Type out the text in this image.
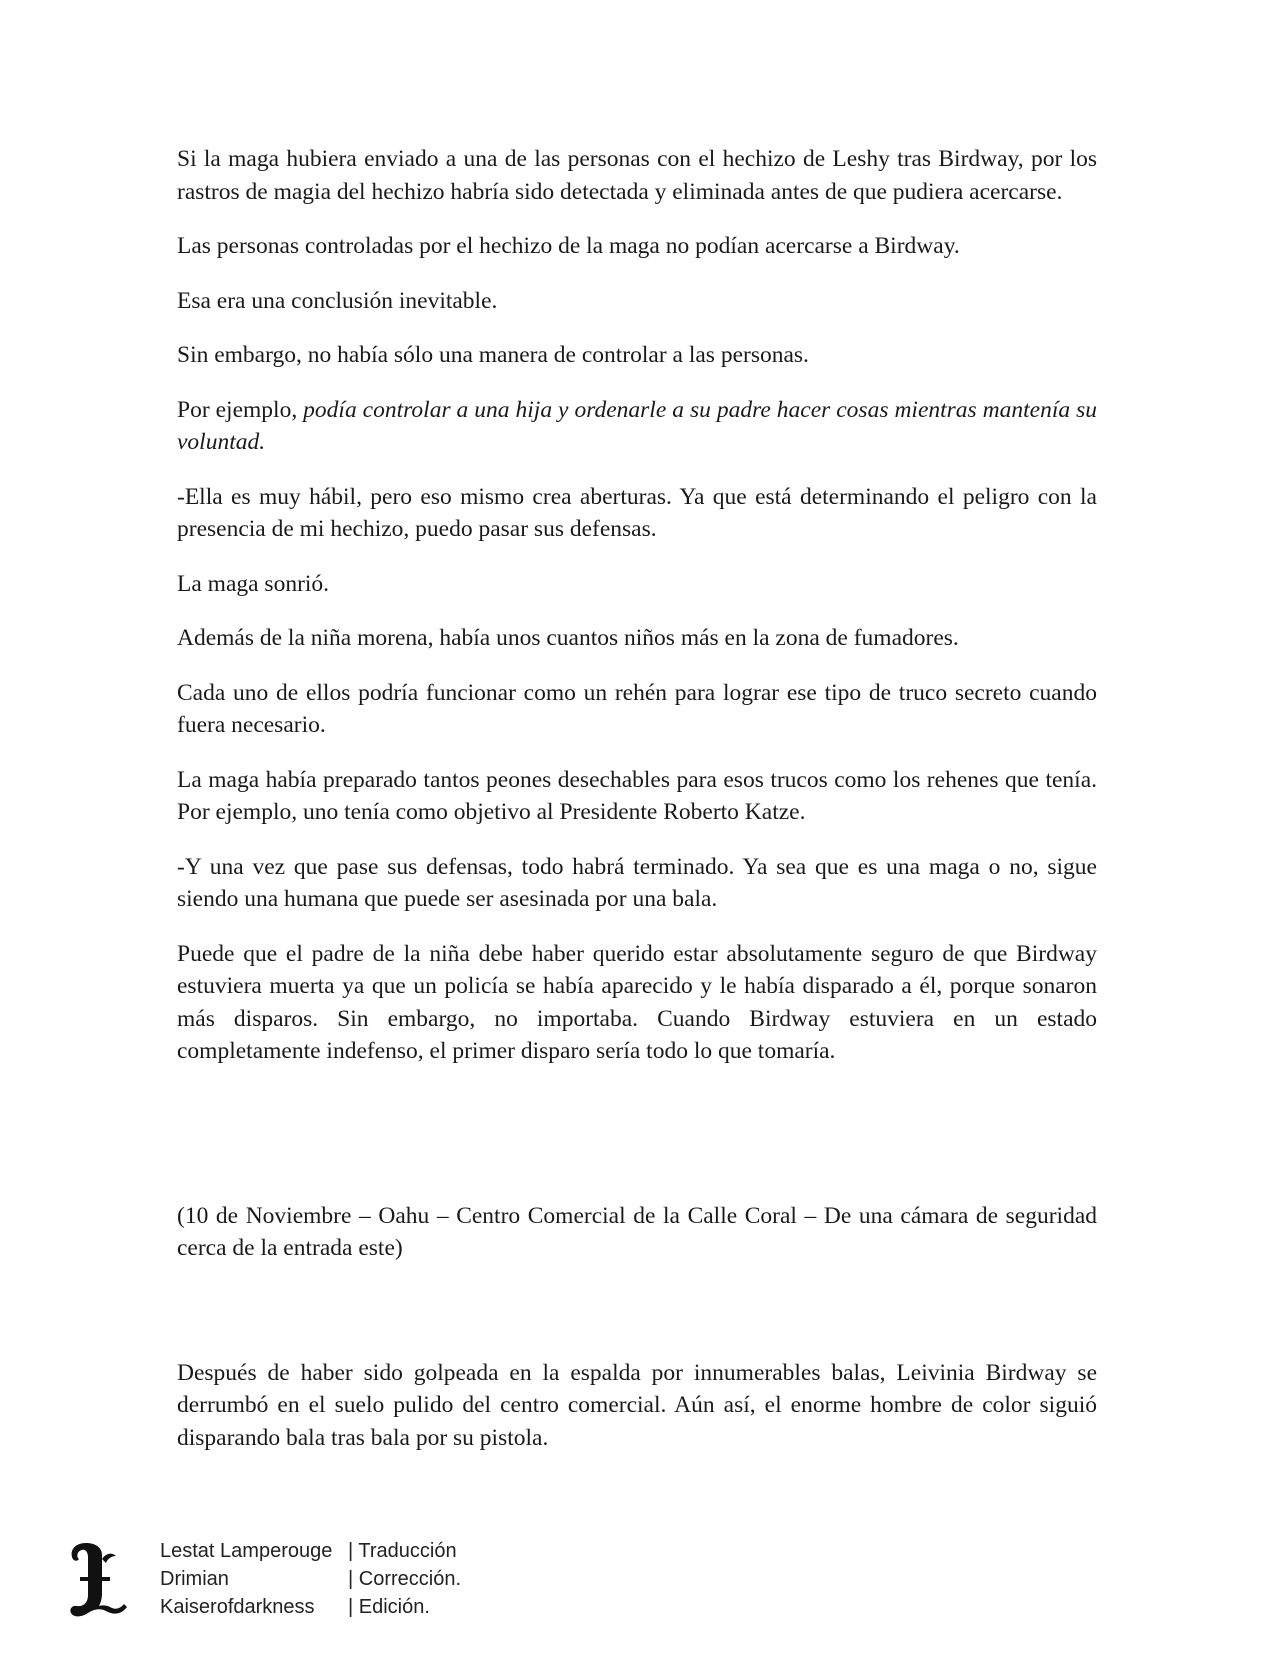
Si la maga hubiera enviado a una de las personas con el hechizo de Leshy tras Birdway, por los rastros de magia del hechizo habría sido detectada y eliminada antes de que pudiera acercarse.

Las personas controladas por el hechizo de la maga no podían acercarse a Birdway.

Esa era una conclusión inevitable.

Sin embargo, no había sólo una manera de controlar a las personas.

Por ejemplo, podía controlar a una hija y ordenarle a su padre hacer cosas mientras mantenía su voluntad.

-Ella es muy hábil, pero eso mismo crea aberturas. Ya que está determinando el peligro con la presencia de mi hechizo, puedo pasar sus defensas.

La maga sonrió.

Además de la niña morena, había unos cuantos niños más en la zona de fumadores.

Cada uno de ellos podría funcionar como un rehén para lograr ese tipo de truco secreto cuando fuera necesario.

La maga había preparado tantos peones desechables para esos trucos como los rehenes que tenía. Por ejemplo, uno tenía como objetivo al Presidente Roberto Katze.

-Y una vez que pase sus defensas, todo habrá terminado. Ya sea que es una maga o no, sigue siendo una humana que puede ser asesinada por una bala.

Puede que el padre de la niña debe haber querido estar absolutamente seguro de que Birdway estuviera muerta ya que un policía se había aparecido y le había disparado a él, porque sonaron más disparos. Sin embargo, no importaba. Cuando Birdway estuviera en un estado completamente indefenso, el primer disparo sería todo lo que tomaría.

(10 de Noviembre – Oahu – Centro Comercial de la Calle Coral – De una cámara de seguridad cerca de la entrada este)

Después de haber sido golpeada en la espalda por innumerables balas, Leivinia Birdway se derrumbó en el suelo pulido del centro comercial. Aún así, el enorme hombre de color siguió disparando bala tras bala por su pistola.

Lestat Lamperouge | Traducción
Drimian	| Corrección.
Kaiserofdarkness	| Edición.
